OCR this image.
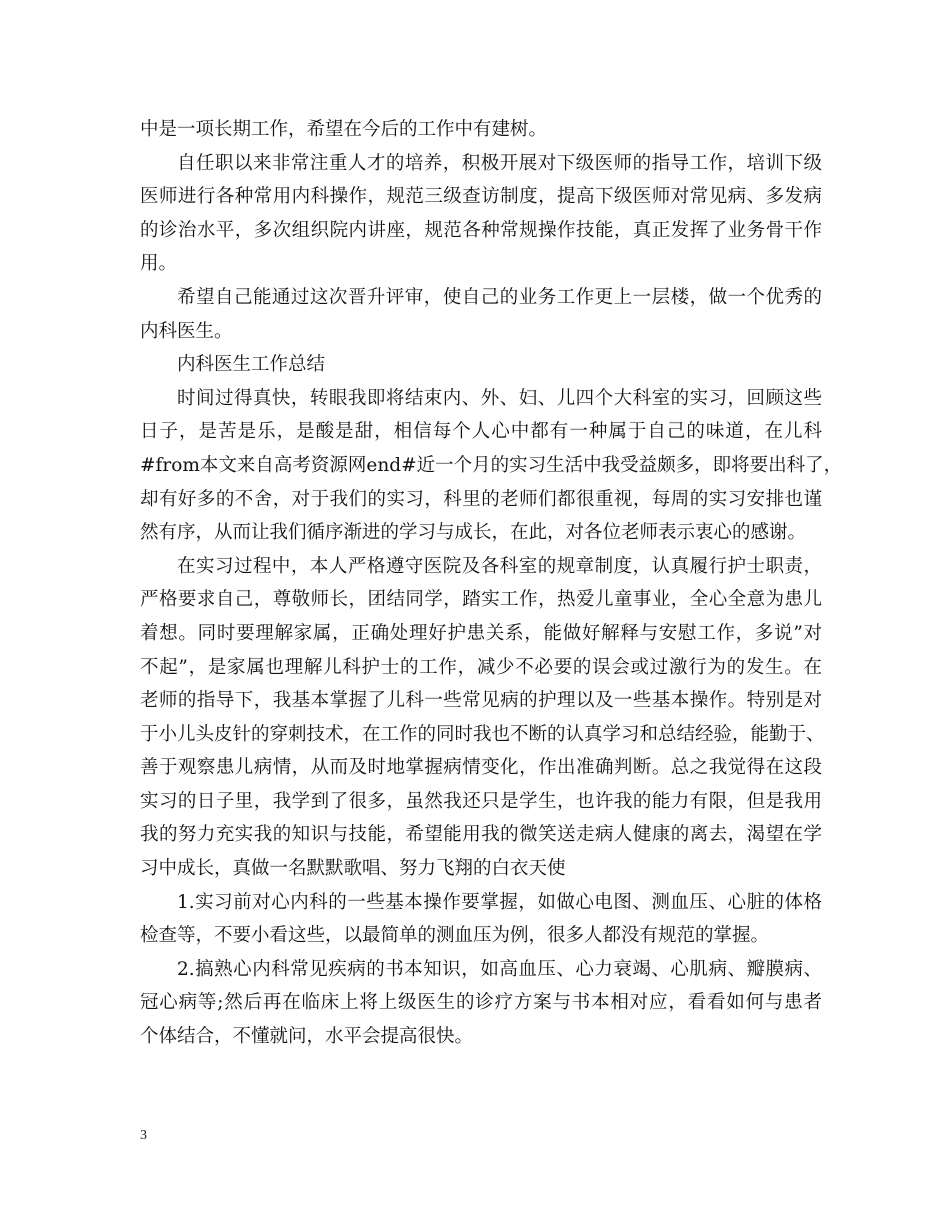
中是一项长期工作，希望在今后的工作中有建树。
自任职以来非常注重人才的培养，积极开展对下级医师的指导工作，培训下级
医师进行各种常用内科操作，规范三级查访制度，提高下级医师对常见病、多发病
的诊治水平，多次组织院内讲座，规范各种常规操作技能，真正发挥了业务骨干作
用。
希望自己能通过这次晋升评审，使自己的业务工作更上一层楼，做一个优秀的
内科医生。
内科医生工作总结
时间过得真快，转眼我即将结束内、外、妇、儿四个大科室的实习，回顾这些
日子，是苦是乐，是酸是甜，相信每个人心中都有一种属于自己的味道，在儿科
#from本文来自高考资源网end#近一个月的实习生活中我受益颇多，即将要出科了，
却有好多的不舍，对于我们的实习，科里的老师们都很重视，每周的实习安排也谨
然有序，从而让我们循序渐进的学习与成长，在此，对各位老师表示衷心的感谢。
在实习过程中，本人严格遵守医院及各科室的规章制度，认真履行护士职责，
严格要求自己，尊敬师长，团结同学，踏实工作，热爱儿童事业，全心全意为患儿
着想。同时要理解家属，正确处理好护患关系，能做好解释与安慰工作，多说”对
不起”，是家属也理解儿科护士的工作，减少不必要的误会或过激行为的发生。在
老师的指导下，我基本掌握了儿科一些常见病的护理以及一些基本操作。特别是对
于小儿头皮针的穿刺技术，在工作的同时我也不断的认真学习和总结经验，能勤于、
善于观察患儿病情，从而及时地掌握病情变化，作出准确判断。总之我觉得在这段
实习的日子里，我学到了很多，虽然我还只是学生，也许我的能力有限，但是我用
我的努力充实我的知识与技能，希望能用我的微笑送走病人健康的离去，渴望在学
习中成长，真做一名默默歌唱、努力飞翔的白衣天使
1.实习前对心内科的一些基本操作要掌握，如做心电图、测血压、心脏的体格
检查等，不要小看这些，以最简单的测血压为例，很多人都没有规范的掌握。
2.搞熟心内科常见疾病的书本知识，如高血压、心力衰竭、心肌病、瓣膜病、
冠心病等;然后再在临床上将上级医生的诊疗方案与书本相对应，看看如何与患者
个体结合，不懂就问，水平会提高很快。
3
